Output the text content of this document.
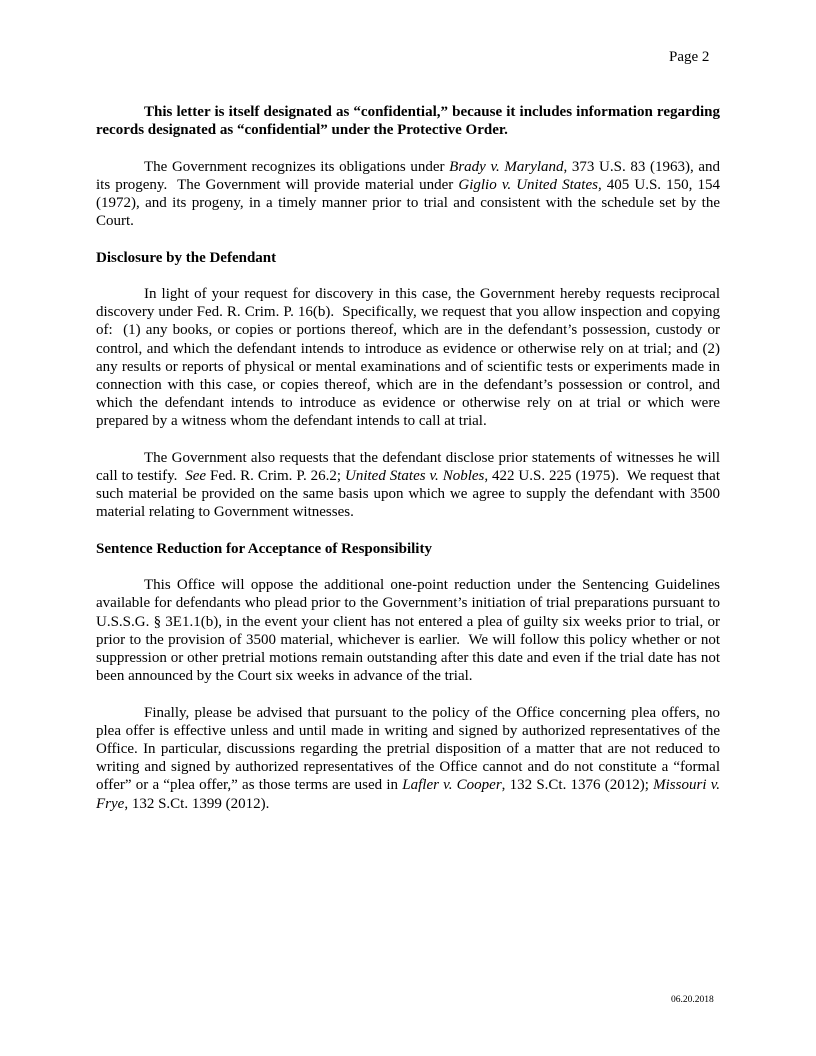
Page 2

This letter is itself designated as “confidential,” because it includes information regarding records designated as “confidential” under the Protective Order.

The Government recognizes its obligations under Brady v. Maryland, 373 U.S. 83 (1963), and its progeny.  The Government will provide material under Giglio v. United States, 405 U.S. 150, 154 (1972), and its progeny, in a timely manner prior to trial and consistent with the schedule set by the Court.

Disclosure by the Defendant

In light of your request for discovery in this case, the Government hereby requests reciprocal discovery under Fed. R. Crim. P. 16(b).  Specifically, we request that you allow inspection and copying of:  (1) any books, or copies or portions thereof, which are in the defendant’s possession, custody or control, and which the defendant intends to introduce as evidence or otherwise rely on at trial; and (2) any results or reports of physical or mental examinations and of scientific tests or experiments made in connection with this case, or copies thereof, which are in the defendant’s possession or control, and which the defendant intends to introduce as evidence or otherwise rely on at trial or which were prepared by a witness whom the defendant intends to call at trial.

The Government also requests that the defendant disclose prior statements of witnesses he will call to testify.  See Fed. R. Crim. P. 26.2; United States v. Nobles, 422 U.S. 225 (1975).  We request that such material be provided on the same basis upon which we agree to supply the defendant with 3500 material relating to Government witnesses.

Sentence Reduction for Acceptance of Responsibility

This Office will oppose the additional one-point reduction under the Sentencing Guidelines available for defendants who plead prior to the Government’s initiation of trial preparations pursuant to U.S.S.G. § 3E1.1(b), in the event your client has not entered a plea of guilty six weeks prior to trial, or prior to the provision of 3500 material, whichever is earlier.  We will follow this policy whether or not suppression or other pretrial motions remain outstanding after this date and even if the trial date has not been announced by the Court six weeks in advance of the trial.

Finally, please be advised that pursuant to the policy of the Office concerning plea offers, no plea offer is effective unless and until made in writing and signed by authorized representatives of the Office. In particular, discussions regarding the pretrial disposition of a matter that are not reduced to writing and signed by authorized representatives of the Office cannot and do not constitute a “formal offer” or a “plea offer,” as those terms are used in Lafler v. Cooper, 132 S.Ct. 1376 (2012); Missouri v. Frye, 132 S.Ct. 1399 (2012).

06.20.2018
